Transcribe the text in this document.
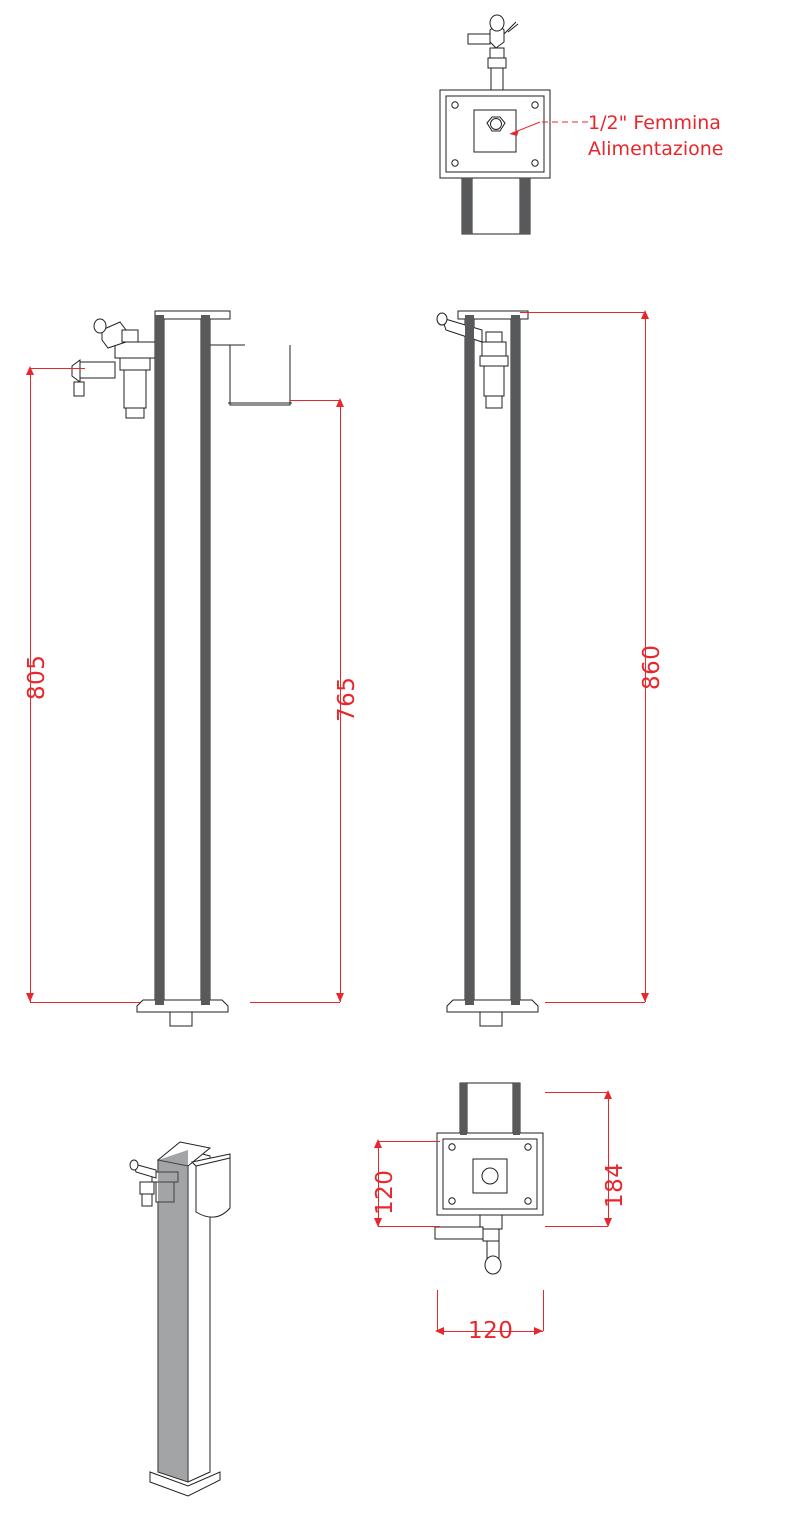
1/2" Femmina
Alimentazione
805	765
860
120	184
120
